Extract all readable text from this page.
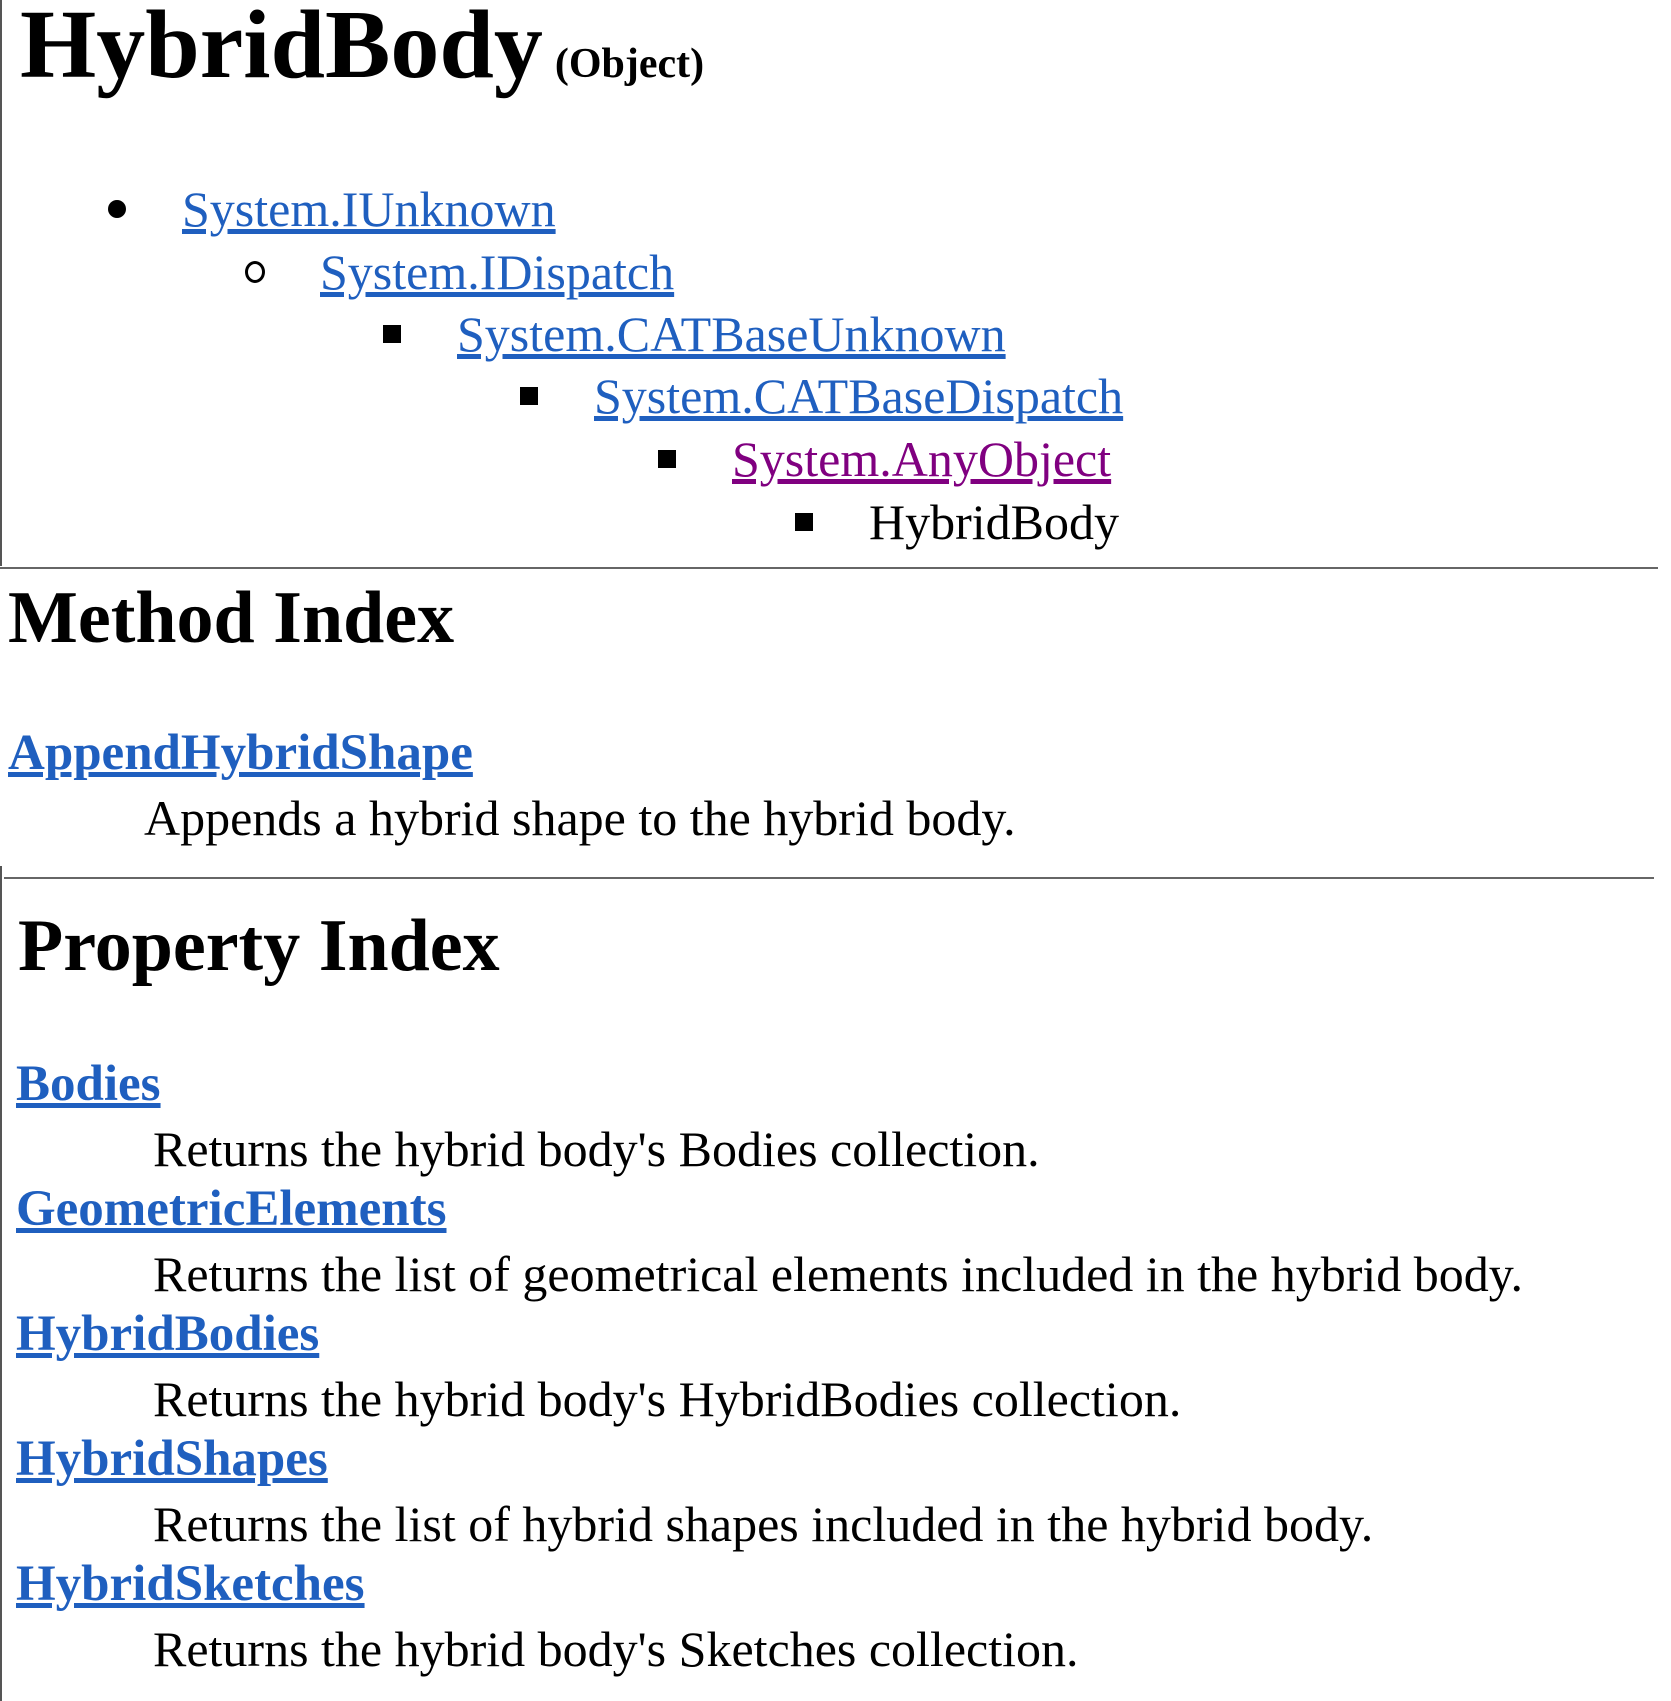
HybridBody (Object)
System.IUnknown
System.IDispatch
System.CATBaseUnknown
System.CATBaseDispatch
System.AnyObject
HybridBody
Method Index
AppendHybridShape
Appends a hybrid shape to the hybrid body.
Property Index
Bodies
Returns the hybrid body's Bodies collection.
GeometricElements
Returns the list of geometrical elements included in the hybrid body.
HybridBodies
Returns the hybrid body's HybridBodies collection.
HybridShapes
Returns the list of hybrid shapes included in the hybrid body.
HybridSketches
Returns the hybrid body's Sketches collection.
